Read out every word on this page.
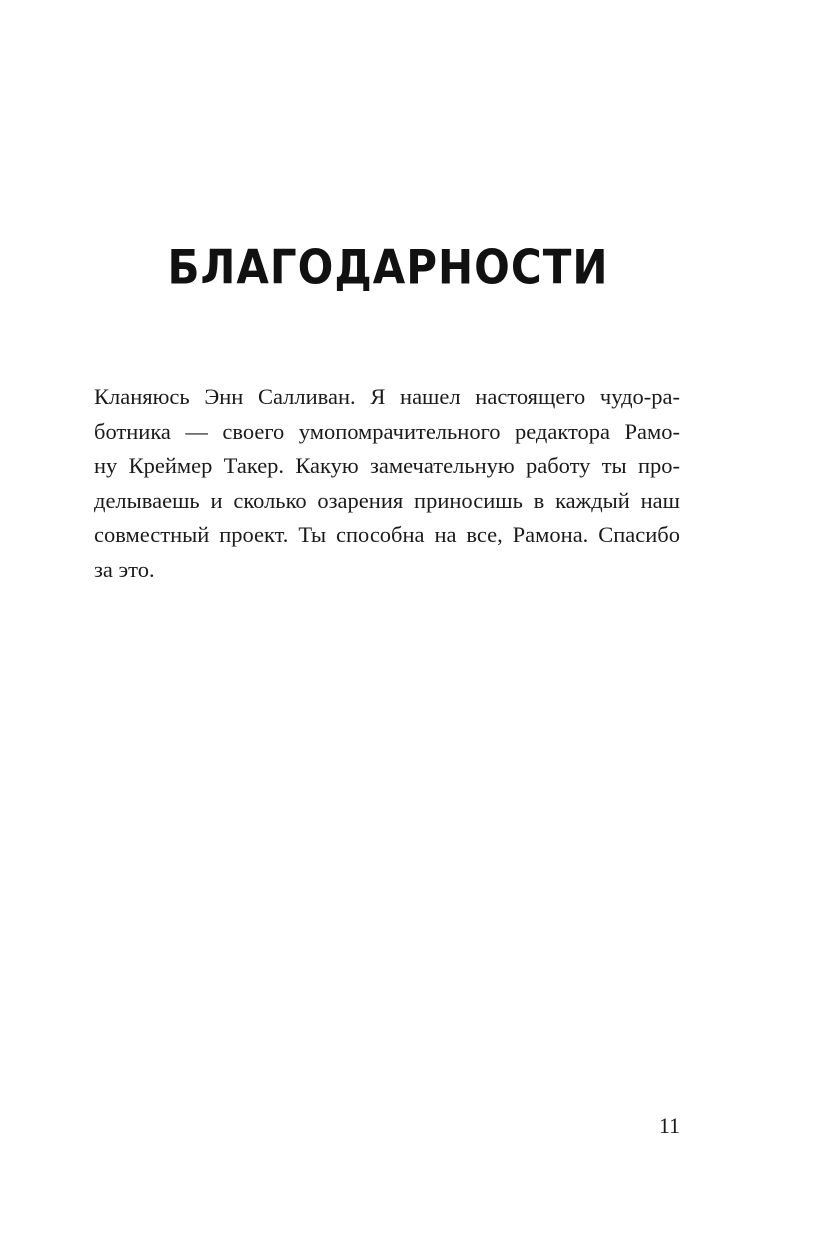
БЛАГОДАРНОСТИ
Кланяюсь Энн Салливан. Я нашел настоящего чудо-ра-
ботника — своего умопомрачительного редактора Рамо-
ну Креймер Такер. Какую замечательную работу ты про-
делываешь и сколько озарения приносишь в каждый наш
совместный проект. Ты способна на все, Рамона. Спасибо
за это.
11
